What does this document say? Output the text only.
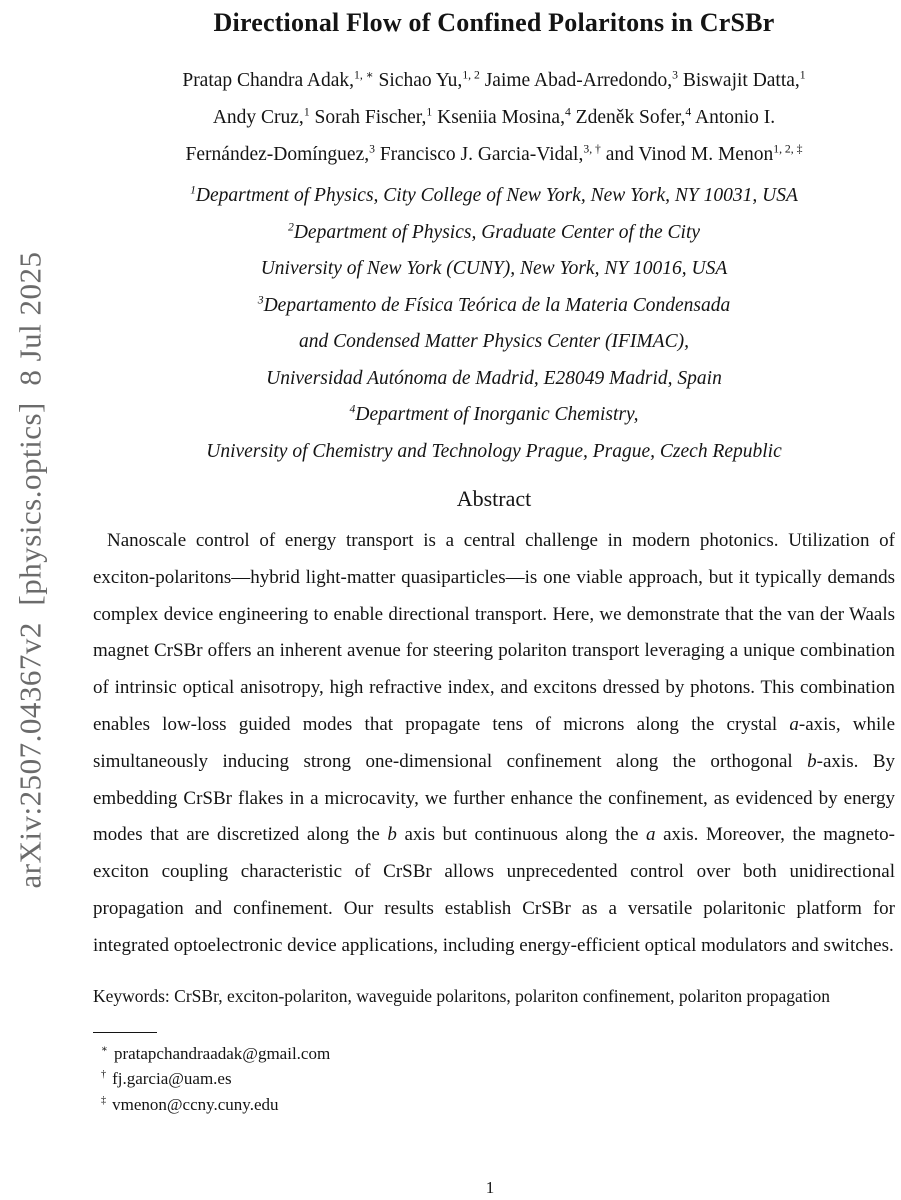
arXiv:2507.04367v2  [physics.optics]  8 Jul 2025
Directional Flow of Confined Polaritons in CrSBr
Pratap Chandra Adak,$^{1, ∗}$ Sichao Yu,$^{1, 2}$ Jaime Abad-Arredondo,$^3$ Biswajit Datta,$^1$
Andy Cruz,$^1$ Sorah Fischer,$^1$ Kseniia Mosina,$^4$ Zdeněk Sofer,$^4$ Antonio I.
Fernández-Domínguez,$^3$ Francisco J. Garcia-Vidal,$^{3, \dagger}$ and Vinod M. Menon$^{1, 2, \ddagger}$
$^1$Department of Physics, City College of New York, New York, NY 10031, USA
$^2$Department of Physics, Graduate Center of the City
University of New York (CUNY), New York, NY 10016, USA
$^3$Departamento de Física Teórica de la Materia Condensada
and Condensed Matter Physics Center (IFIMAC),
Universidad Autónoma de Madrid, E28049 Madrid, Spain
$^4$Department of Inorganic Chemistry,
University of Chemistry and Technology Prague, Prague, Czech Republic
Abstract

Nanoscale control of energy transport is a central challenge in modern photonics. Utilization of exciton-polaritons—hybrid light-matter quasiparticles—is one viable approach, but it typically demands complex device engineering to enable directional transport. Here, we demonstrate that the van der Waals magnet CrSBr offers an inherent avenue for steering polariton transport leveraging a unique combination of intrinsic optical anisotropy, high refractive index, and excitons dressed by photons. This combination enables low-loss guided modes that propagate tens of microns along the crystal a-axis, while simultaneously inducing strong one-dimensional confinement along the orthogonal b-axis. By embedding CrSBr flakes in a microcavity, we further enhance the confinement, as evidenced by energy modes that are discretized along the b axis but continuous along the a axis. Moreover, the magneto-exciton coupling characteristic of CrSBr allows unprecedented control over both unidirectional propagation and confinement. Our results establish CrSBr as a versatile polaritonic platform for integrated optoelectronic device applications, including energy-efficient optical modulators and switches.

Keywords: CrSBr, exciton-polariton, waveguide polaritons, polariton confinement, polariton propagation

∗ pratapchandraadak@gmail.com
† fj.garcia@uam.es
‡ vmenon@ccny.cuny.edu
1
